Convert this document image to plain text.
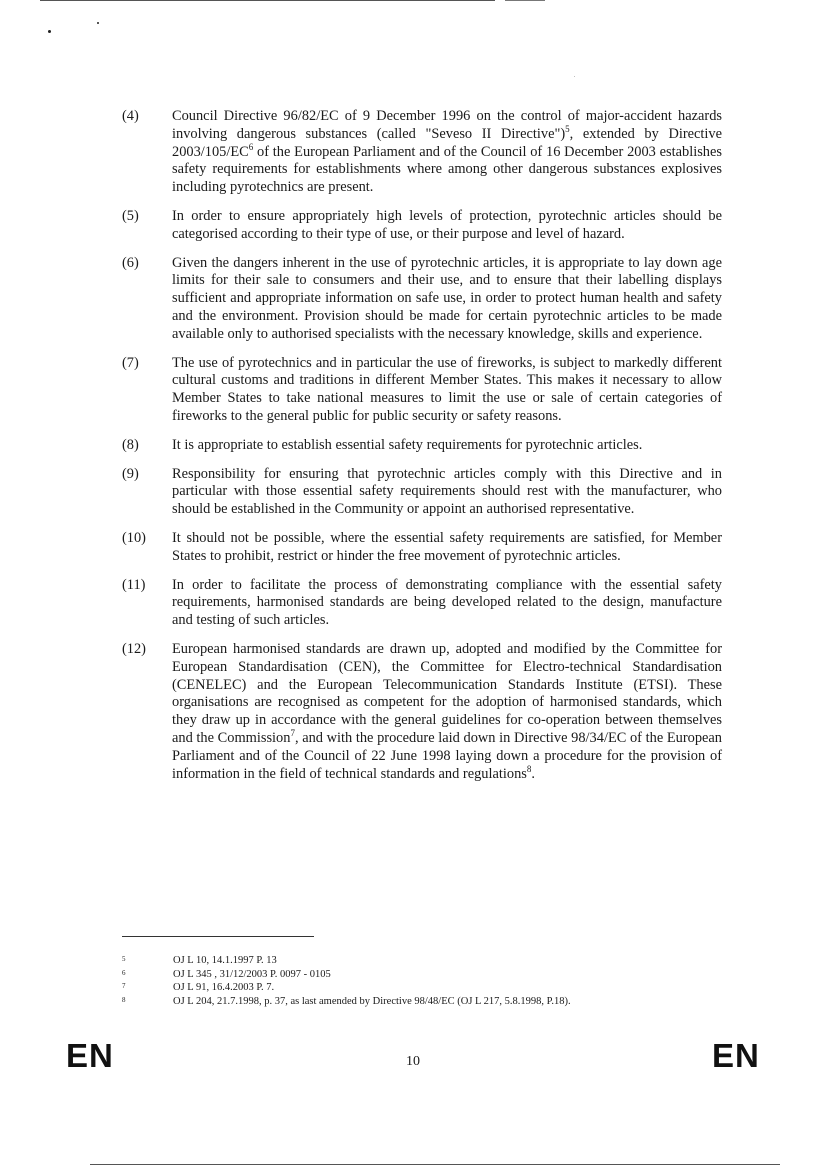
(4)	Council Directive 96/82/EC of 9 December 1996 on the control of major-accident hazards involving dangerous substances (called "Seveso II Directive")$^5$, extended by Directive $2003/105/EC^6$ of the European Parliament and of the Council of 16 December 2003 establishes safety requirements for establishments where among other dangerous substances explosives including pyrotechnics are present.
(5)	In order to ensure appropriately high levels of protection, pyrotechnic articles should be categorised according to their type of use, or their purpose and level of hazard.
(6)	Given the dangers inherent in the use of pyrotechnic articles, it is appropriate to lay down age limits for their sale to consumers and their use, and to ensure that their labelling displays sufficient and appropriate information on safe use, in order to protect human health and safety and the environment. Provision should be made for certain pyrotechnic articles to be made available only to authorised specialists with the necessary knowledge, skills and experience.
(7)	The use of pyrotechnics and in particular the use of fireworks, is subject to markedly different cultural customs and traditions in different Member States. This makes it necessary to allow Member States to take national measures to limit the use or sale of certain categories of fireworks to the general public for public security or safety reasons.
(8)	It is appropriate to establish essential safety requirements for pyrotechnic articles.
(9)	Responsibility for ensuring that pyrotechnic articles comply with this Directive and in particular with those essential safety requirements should rest with the manufacturer, who should be established in the Community or appoint an authorised representative.
(10)	It should not be possible, where the essential safety requirements are satisfied, for Member States to prohibit, restrict or hinder the free movement of pyrotechnic articles.
(11)	In order to facilitate the process of demonstrating compliance with the essential safety requirements, harmonised standards are being developed related to the design, manufacture and testing of such articles.
(12)	European harmonised standards are drawn up, adopted and modified by the Committee for European Standardisation (CEN), the Committee for Electro-technical Standardisation (CENELEC) and the European Telecommunication Standards Institute (ETSI). These organisations are recognised as competent for the adoption of harmonised standards, which they draw up in accordance with the general guidelines for co-operation between themselves and the Commission$^7$, and with the procedure laid down in Directive 98/34/EC of the European Parliament and of the Council of 22 June 1998 laying down a procedure for the provision of information in the field of technical standards and regulations$^8$.
5	OJ L 10, 14.1.1997 P. 13
6	OJ L 345 , 31/12/2003 P. 0097 - 0105
7	OJ L 91, 16.4.2003 P. 7.
8	OJ L 204, 21.7.1998, p. 37, as last amended by Directive 98/48/EC (OJ L 217, 5.8.1998, P.18).
EN	10	EN
